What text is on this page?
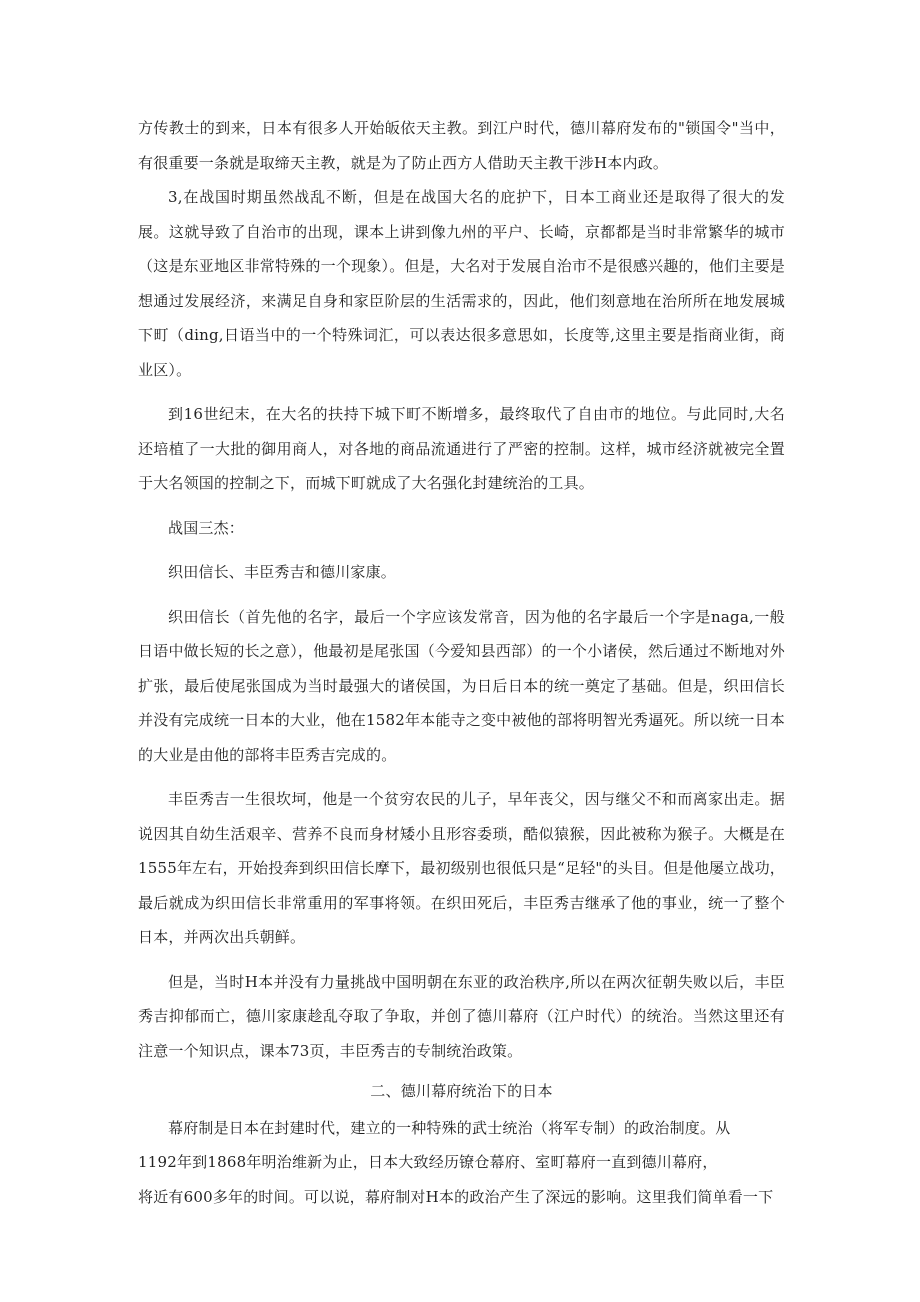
方传教士的到来，日本有很多人开始皈依天主教。到江户时代，德川幕府发布的"锁国令"当中，有很重要一条就是取缔天主教，就是为了防止西方人借助天主教干涉H本内政。

3,在战国时期虽然战乱不断，但是在战国大名的庇护下，日本工商业还是取得了很大的发展。这就导致了自治市的出现，课本上讲到像九州的平户、长崎，京都都是当时非常繁华的城市（这是东亚地区非常特殊的一个现象）。但是，大名对于发展自治市不是很感兴趣的，他们主要是想通过发展经济，来满足自身和家臣阶层的生活需求的，因此，他们刻意地在治所所在地发展城下町（ding,日语当中的一个特殊词汇，可以表达很多意思如，长度等,这里主要是指商业街，商业区）。

到16世纪末，在大名的扶持下城下町不断增多，最终取代了自由市的地位。与此同时,大名还培植了一大批的御用商人，对各地的商品流通进行了严密的控制。这样，城市经济就被完全置于大名领国的控制之下，而城下町就成了大名强化封建统治的工具。

战国三杰：

织田信长、丰臣秀吉和德川家康。

织田信长（首先他的名字，最后一个字应该发常音，因为他的名字最后一个字是naga,一般日语中做长短的长之意），他最初是尾张国（今爱知县西部）的一个小诸侯，然后通过不断地对外扩张，最后使尾张国成为当时最强大的诸侯国，为日后日本的统一奠定了基础。但是，织田信长并没有完成统一日本的大业，他在1582年本能寺之变中被他的部将明智光秀逼死。所以统一日本的大业是由他的部将丰臣秀吉完成的。

丰臣秀吉一生很坎坷，他是一个贫穷农民的儿子，早年丧父，因与继父不和而离家出走。据说因其自幼生活艰辛、营养不良而身材矮小且形容委琐，酷似猿猴，因此被称为猴子。大概是在1555年左右，开始投奔到织田信长摩下，最初级别也很低只是“足轻"的头目。但是他屡立战功，最后就成为织田信长非常重用的军事将领。在织田死后，丰臣秀吉继承了他的事业，统一了整个日本，并两次出兵朝鲜。

但是，当时H本并没有力量挑战中国明朝在东亚的政治秩序,所以在两次征朝失败以后，丰臣秀吉抑郁而亡，德川家康趁乱夺取了争取，并创了德川幕府（江户时代）的统治。当然这里还有注意一个知识点，课本73页，丰臣秀吉的专制统治政策。

二、德川幕府统治下的日本

幕府制是日本在封建时代，建立的一种特殊的武士统治（将军专制）的政治制度。从

1192年到1868年明治维新为止，日本大致经历镣仓幕府、室町幕府一直到德川幕府，

将近有600多年的时间。可以说，幕府制对H本的政治产生了深远的影响。这里我们简单看一下
